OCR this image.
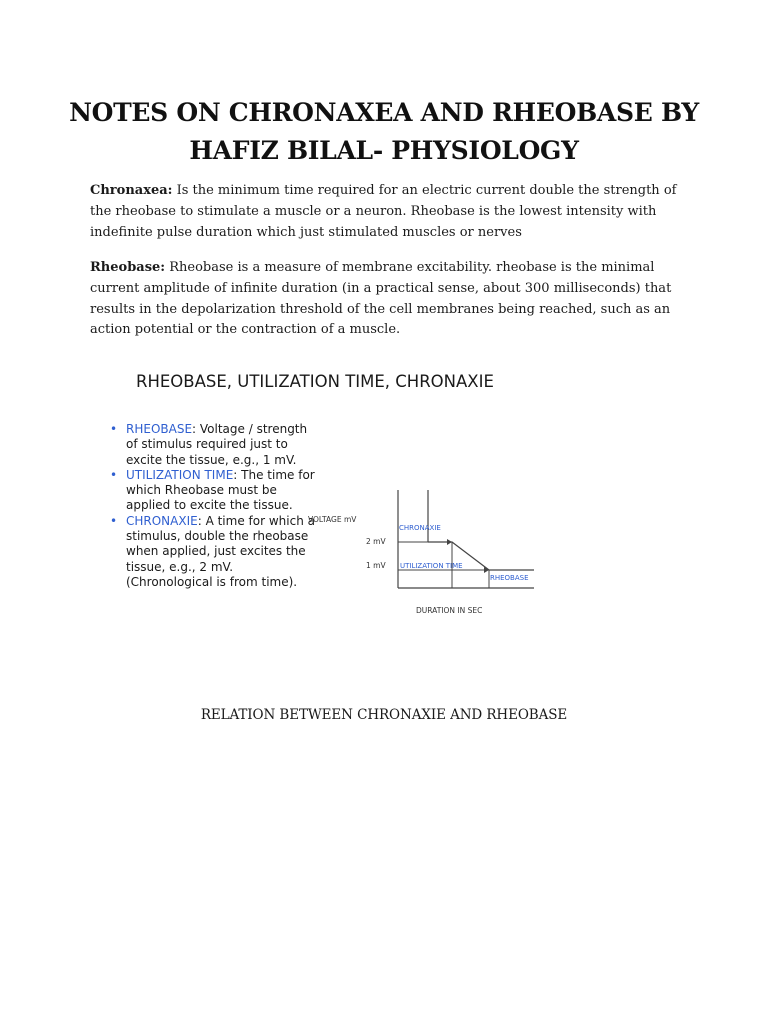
NOTES ON CHRONAXEA AND RHEOBASE BY
HAFIZ BILAL- PHYSIOLOGY

Chronaxea: Is the minimum time required for an electric current double the strength of the rheobase to stimulate a muscle or a neuron. Rheobase is the lowest intensity with indefinite pulse duration which just stimulated muscles or nerves

Rheobase: Rheobase is a measure of membrane excitability. rheobase is the minimal current amplitude of infinite duration (in a practical sense, about 300 milliseconds) that results in the depolarization threshold of the cell membranes being reached, such as an action potential or the contraction of a muscle.

RHEOBASE, UTILIZATION TIME, CHRONAXIE
• RHEOBASE: Voltage / strength of stimulus required just to excite the tissue, e.g., 1 mV.
• UTILIZATION TIME: The time for which Rheobase must be applied to excite the tissue.
• CHRONAXIE: A time for which a stimulus, double the rheobase when applied, just excites the tissue, e.g., 2 mV. (Chronological is from time).
VOLTAGE mV
2 mV
1 mV
CHRONAXIE
UTILIZATION TIME
RHEOBASE
DURATION IN SEC

RELATION BETWEEN CHRONAXIE AND RHEOBASE
